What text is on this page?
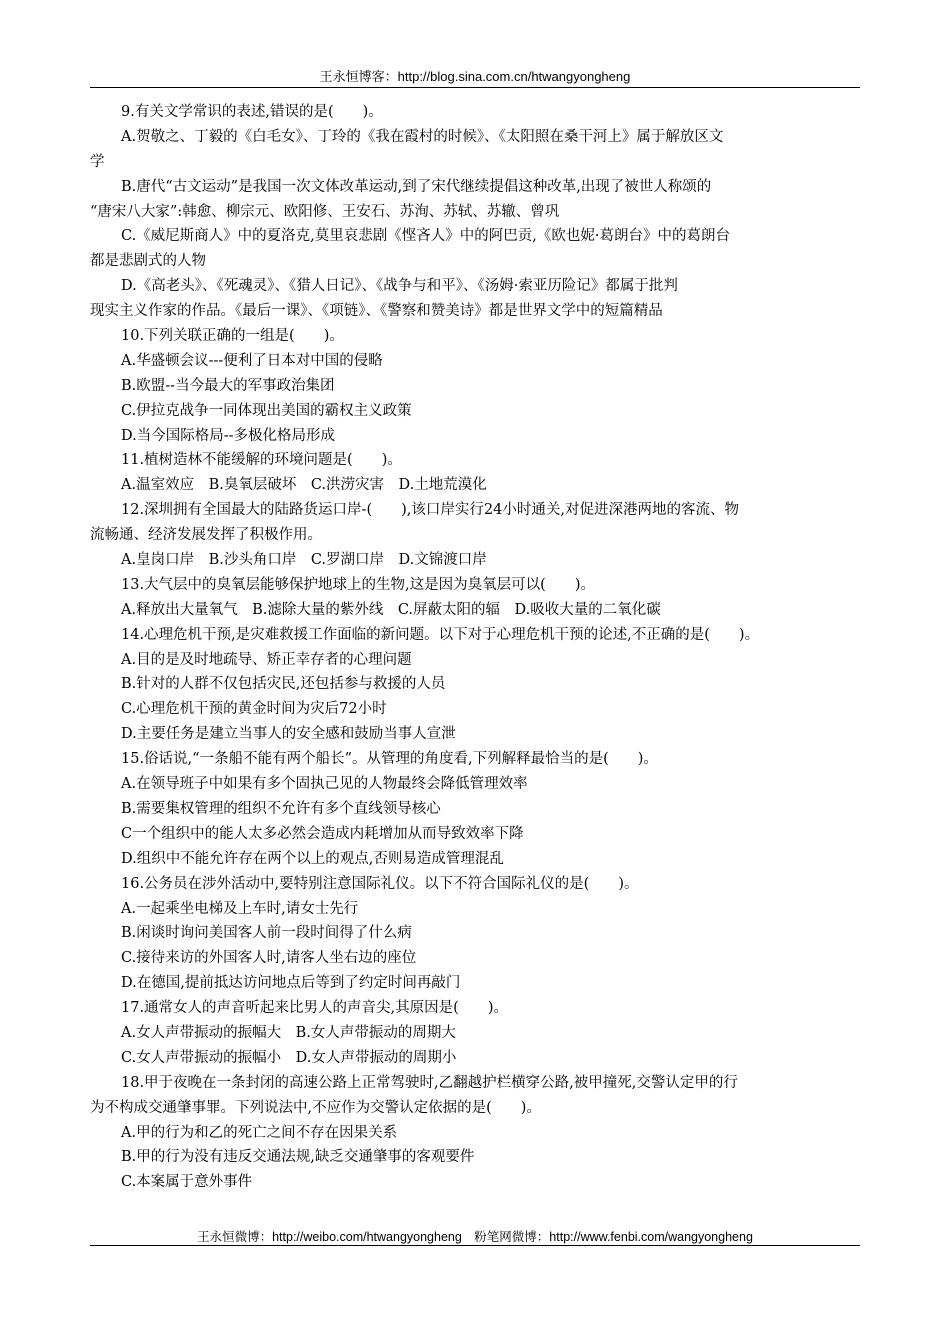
王永恒博客：http://blog.sina.com.cn/htwangyongheng
9.有关文学常识的表述,错误的是(　　)。
A.贺敬之、丁毅的《白毛女》、丁玲的《我在霞村的时候》、《太阳照在桑干河上》属于解放区文
学
B.唐代“古文运动”是我国一次文体改革运动,到了宋代继续提倡这种改革,出现了被世人称颂的
“唐宋八大家”:韩愈、柳宗元、欧阳修、王安石、苏洵、苏轼、苏辙、曾巩
C.《威尼斯商人》中的夏洛克,莫里哀悲剧《悭吝人》中的阿巴贡,《欧也妮·葛朗台》中的葛朗台
都是悲剧式的人物
D.《高老头》、《死魂灵》、《猎人日记》、《战争与和平》、《汤姆·索亚历险记》都属于批判
现实主义作家的作品。《最后一课》、《项链》、《警察和赞美诗》都是世界文学中的短篇精品
10.下列关联正确的一组是(　　)。
A.华盛顿会议---便利了日本对中国的侵略
B.欧盟--当今最大的军事政治集团
C.伊拉克战争一同体现出美国的霸权主义政策
D.当今国际格局--多极化格局形成
11.植树造林不能缓解的环境问题是(　　)。
A.温室效应　B.臭氧层破坏　C.洪涝灾害　D.土地荒漠化
12.深圳拥有全国最大的陆路货运口岸-(　　),该口岸实行24小时通关,对促进深港两地的客流、物
流畅通、经济发展发挥了积极作用。
A.皇岗口岸　B.沙头角口岸　C.罗湖口岸　D.文锦渡口岸
13.大气层中的臭氧层能够保护地球上的生物,这是因为臭氧层可以(　　)。
A.释放出大量氧气　B.滤除大量的紫外线　C.屏蔽太阳的辐　D.吸收大量的二氧化碳
14.心理危机干预,是灾难救援工作面临的新问题。以下对于心理危机干预的论述,不正确的是(　　)。
A.目的是及时地疏导、矫正幸存者的心理问题
B.针对的人群不仅包括灾民,还包括参与救援的人员
C.心理危机干预的黄金时间为灾后72小时
D.主要任务是建立当事人的安全感和鼓励当事人宣泄
15.俗话说,“一条船不能有两个船长”。从管理的角度看,下列解释最恰当的是(　　)。
A.在领导班子中如果有多个固执己见的人物最终会降低管理效率
B.需要集权管理的组织不允许有多个直线领导核心
C一个组织中的能人太多必然会造成内耗增加从而导致效率下降
D.组织中不能允许存在两个以上的观点,否则易造成管理混乱
16.公务员在涉外活动中,要特别注意国际礼仪。以下不符合国际礼仪的是(　　)。
A.一起乘坐电梯及上车时,请女士先行
B.闲谈时询问美国客人前一段时间得了什么病
C.接待来访的外国客人时,请客人坐右边的座位
D.在德国,提前抵达访问地点后等到了约定时间再敲门
17.通常女人的声音听起来比男人的声音尖,其原因是(　　)。
A.女人声带振动的振幅大　B.女人声带振动的周期大
C.女人声带振动的振幅小　D.女人声带振动的周期小
18.甲于夜晚在一条封闭的高速公路上正常驾驶时,乙翻越护栏横穿公路,被甲撞死,交警认定甲的行
为不构成交通肇事罪。下列说法中,不应作为交警认定依据的是(　　)。
A.甲的行为和乙的死亡之间不存在因果关系
B.甲的行为没有违反交通法规,缺乏交通肇事的客观要件
C.本案属于意外事件
王永恒微博：http://weibo.com/htwangyongheng　粉笔网微博：http://www.fenbi.com/wangyongheng
